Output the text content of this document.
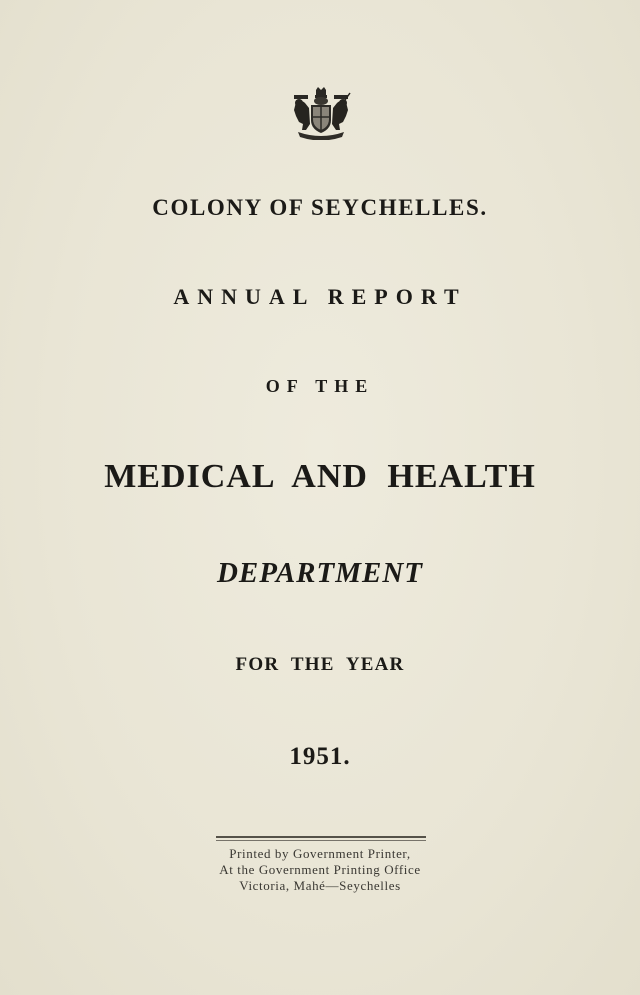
COLONY OF SEYCHELLES.
ANNUAL REPORT
OF THE
MEDICAL AND HEALTH
DEPARTMENT
FOR THE YEAR
1951.
Printed by Government Printer,
At the Government Printing Office
Victoria, Mahé—Seychelles
